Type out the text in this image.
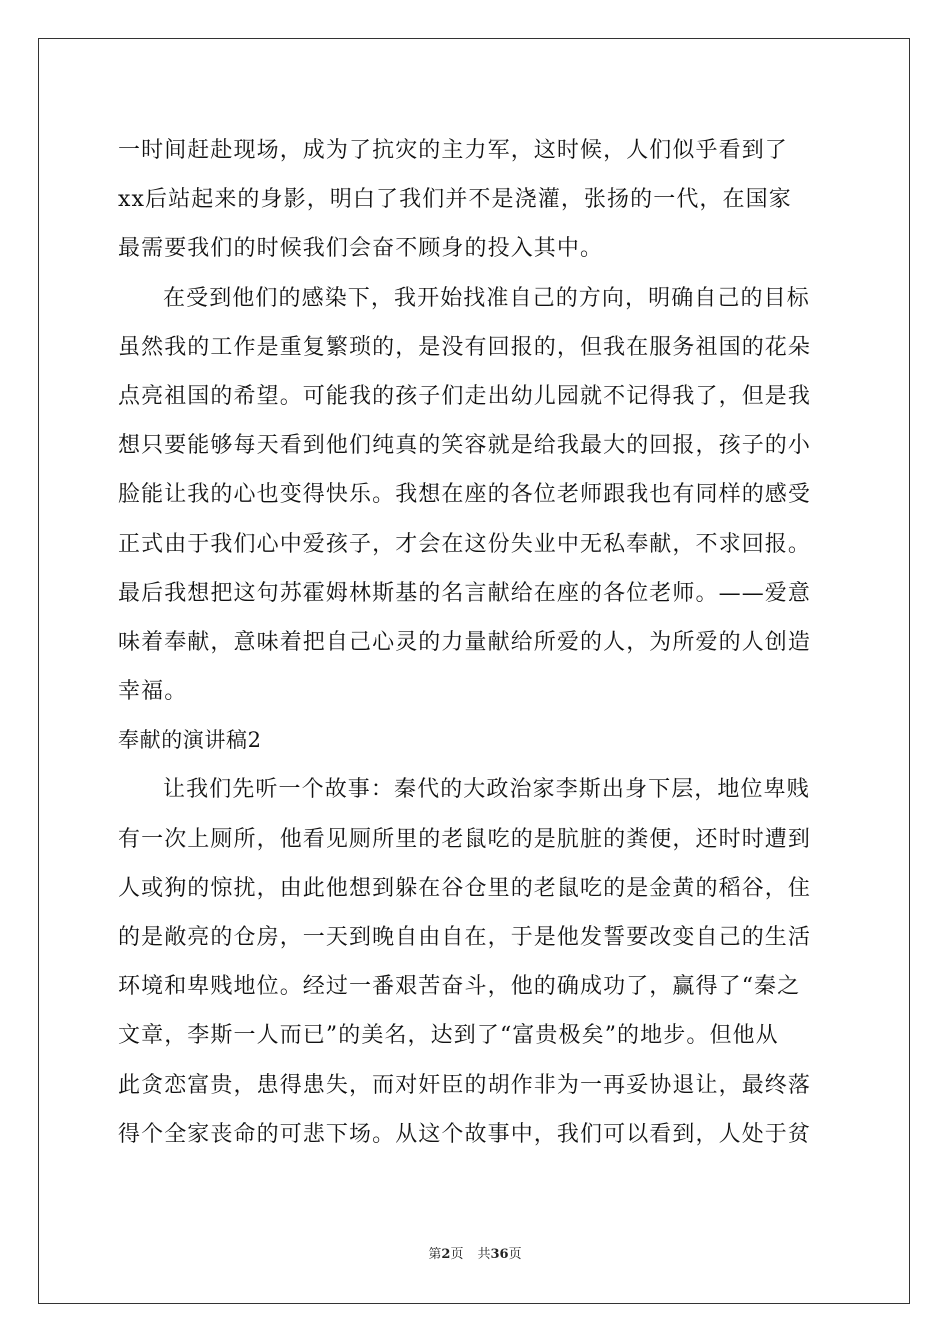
一时间赶赴现场，成为了抗灾的主力军，这时候，人们似乎看到了
xx后站起来的身影，明白了我们并不是浇灌，张扬的一代，在国家
最需要我们的时候我们会奋不顾身的投入其中。
在受到他们的感染下，我开始找准自己的方向，明确自己的目标
虽然我的工作是重复繁琐的，是没有回报的，但我在服务祖国的花朵
点亮祖国的希望。可能我的孩子们走出幼儿园就不记得我了，但是我
想只要能够每天看到他们纯真的笑容就是给我最大的回报，孩子的小
脸能让我的心也变得快乐。我想在座的各位老师跟我也有同样的感受
正式由于我们心中爱孩子，才会在这份失业中无私奉献，不求回报。
最后我想把这句苏霍姆林斯基的名言献给在座的各位老师。——爱意
味着奉献，意味着把自己心灵的力量献给所爱的人，为所爱的人创造
幸福。
奉献的演讲稿2
让我们先听一个故事：秦代的大政治家李斯出身下层，地位卑贱
有一次上厕所，他看见厕所里的老鼠吃的是肮脏的粪便，还时时遭到
人或狗的惊扰，由此他想到躲在谷仓里的老鼠吃的是金黄的稻谷，住
的是敞亮的仓房，一天到晚自由自在，于是他发誓要改变自己的生活
环境和卑贱地位。经过一番艰苦奋斗，他的确成功了，赢得了“秦之
文章，李斯一人而已”的美名，达到了“富贵极矣”的地步。但他从
此贪恋富贵，患得患失，而对奸臣的胡作非为一再妥协退让，最终落
得个全家丧命的可悲下场。从这个故事中，我们可以看到，人处于贫
第2页 共36页
